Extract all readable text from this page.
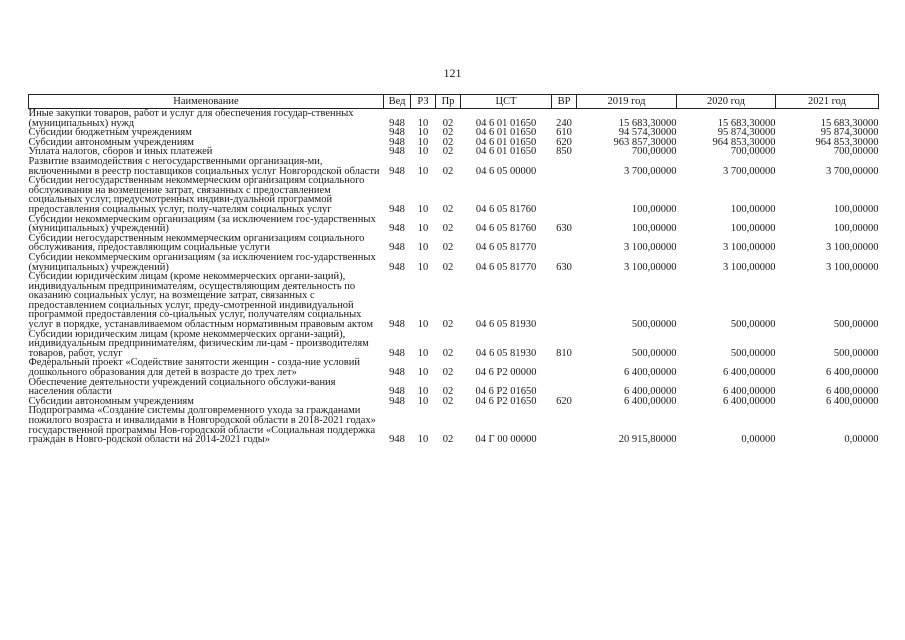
121
Наименование	Вед	РЗ	Пр	ЦСТ	ВР	2019 год	2020 год	2021 год
Иные закупки товаров, работ и услуг для обеспечения государ-ственных (муниципальных) нужд	948	10	02	04 6 01 01650	240	15 683,30000	15 683,30000	15 683,30000
Субсидии бюджетным учреждениям	948	10	02	04 6 01 01650	610	94 574,30000	95 874,30000	95 874,30000
Субсидии автономным учреждениям	948	10	02	04 6 01 01650	620	963 857,30000	964 853,30000	964 853,30000
Уплата налогов, сборов и иных платежей	948	10	02	04 6 01 01650	850	700,00000	700,00000	700,00000
Развитие взаимодействия с негосударственными организация-ми, включенными в реестр поставщиков социальных услуг Новгородской области	948	10	02	04 6 05 00000		3 700,00000	3 700,00000	3 700,00000
Субсидии негосударственным некоммерческим организациям социального обслуживания на возмещение затрат, связанных с предоставлением социальных услуг, предусмотренных индиви-дуальной программой предоставления социальных услуг, полу-чателям социальных услуг	948	10	02	04 6 05 81760		100,00000	100,00000	100,00000
Субсидии некоммерческим организациям (за исключением гос-ударственных (муниципальных) учреждений)	948	10	02	04 6 05 81760	630	100,00000	100,00000	100,00000
Субсидии негосударственным некоммерческим организациям социального обслуживания, предоставляющим социальные услуги	948	10	02	04 6 05 81770		3 100,00000	3 100,00000	3 100,00000
Субсидии некоммерческим организациям (за исключением гос-ударственных (муниципальных) учреждений)	948	10	02	04 6 05 81770	630	3 100,00000	3 100,00000	3 100,00000
Субсидии юридическим лицам (кроме некоммерческих органи-заций), индивидуальным предпринимателям, осуществляющим деятельность по оказанию социальных услуг, на возмещение затрат, связанных с предоставлением социальных услуг, преду-смотренной индивидуальной программой предоставления со-циальных услуг, получателям социальных услуг в порядке, устанавливаемом областным нормативным правовым актом	948	10	02	04 6 05 81930		500,00000	500,00000	500,00000
Субсидии юридическим лицам (кроме некоммерческих органи-заций), индивидуальным предпринимателям, физическим ли-цам - производителям товаров, работ, услуг	948	10	02	04 6 05 81930	810	500,00000	500,00000	500,00000
Федеральный проект «Содействие занятости женщин - созда-ние условий дошкольного образования для детей в возрасте до трех лет»	948	10	02	04 6 P2 00000		6 400,00000	6 400,00000	6 400,00000
Обеспечение деятельности учреждений социального обслужи-вания населения области	948	10	02	04 6 P2 01650		6 400,00000	6 400,00000	6 400,00000
Субсидии автономным учреждениям	948	10	02	04 6 P2 01650	620	6 400,00000	6 400,00000	6 400,00000
Подпрограмма «Создание системы долговременного ухода за гражданами пожилого возраста и инвалидами в Новгородской области в 2018-2021 годах» государственной программы Нов-городской области «Социальная поддержка граждан в Новго-родской области на 2014-2021 годы»	948	10	02	04 Г 00 00000		20 915,80000	0,00000	0,00000
